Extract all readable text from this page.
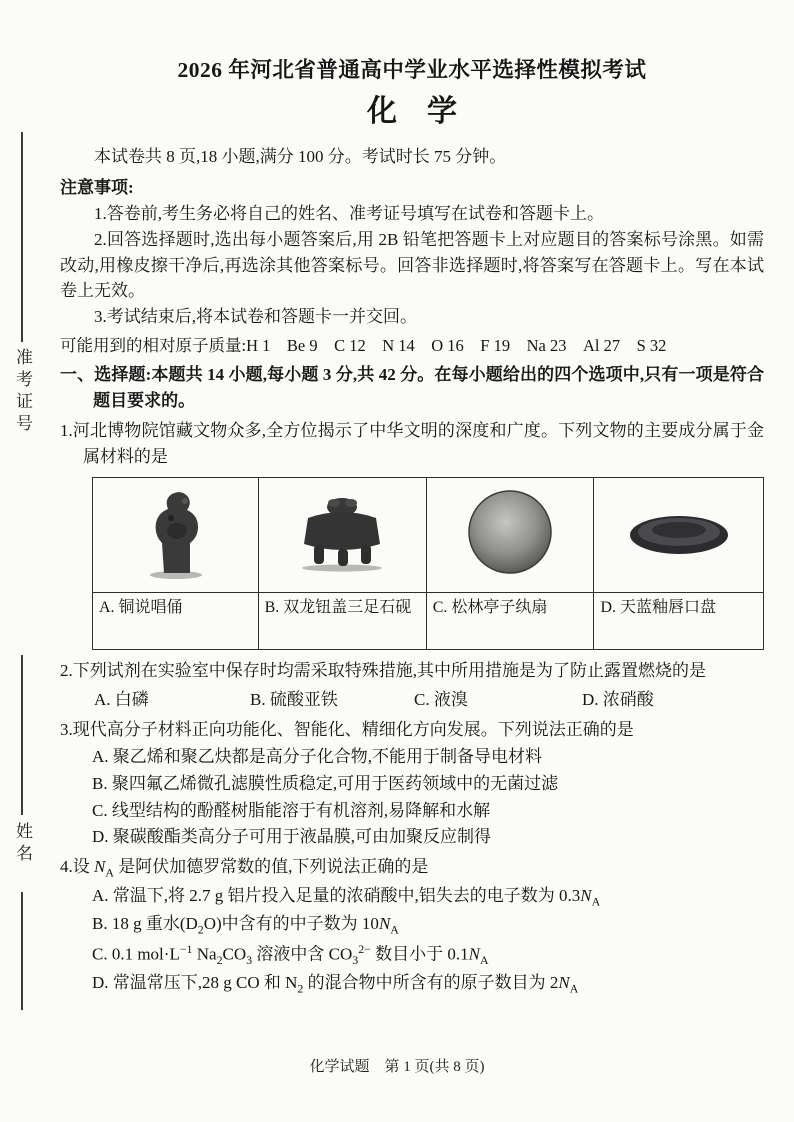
准考证号
姓名

2026 年河北省普通高中学业水平选择性模拟考试

化　学

本试卷共 8 页,18 小题,满分 100 分。考试时长 75 分钟。

注意事项:

1.答卷前,考生务必将自己的姓名、准考证号填写在试卷和答题卡上。

2.回答选择题时,选出每小题答案后,用 2B 铅笔把答题卡上对应题目的答案标号涂黑。如需改动,用橡皮擦干净后,再选涂其他答案标号。回答非选择题时,将答案写在答题卡上。写在本试卷上无效。

3.考试结束后,将本试卷和答题卡一并交回。

可能用到的相对原子质量:H 1　Be 9　C 12　N 14　O 16　F 19　Na 23　Al 27　S 32

一、选择题:本题共 14 小题,每小题 3 分,共 42 分。在每小题给出的四个选项中,只有一项是符合题目要求的。

1.河北博物院馆藏文物众多,全方位揭示了中华文明的深度和广度。下列文物的主要成分属于金属材料的是

A. 铜说唱俑	B. 双龙钮盖三足石砚	C. 松林亭子纨扇	D. 天蓝釉唇口盘

2.下列试剂在实验室中保存时均需采取特殊措施,其中所用措施是为了防止露置燃烧的是

A. 白磷	B. 硫酸亚铁	C. 液溴	D. 浓硝酸

3.现代高分子材料正向功能化、智能化、精细化方向发展。下列说法正确的是

A. 聚乙烯和聚乙炔都是高分子化合物,不能用于制备导电材料

B. 聚四氟乙烯微孔滤膜性质稳定,可用于医药领域中的无菌过滤

C. 线型结构的酚醛树脂能溶于有机溶剂,易降解和水解

D. 聚碳酸酯类高分子可用于液晶膜,可由加聚反应制得

4.设 $N_A$ 是阿伏加德罗常数的值,下列说法正确的是

A. 常温下,将 2.7 g 铝片投入足量的浓硝酸中,铝失去的电子数为 $0.3N_A$

B. 18 g 重水$(D_2O)$中含有的中子数为 $10N_A$

C. 0.1 $mol\cdot L^{-1}$ $Na_2CO_3$ 溶液中含 $CO_3^{2-}$ 数目小于 $0.1N_A$

D. 常温常压下,28 g CO 和 $N_2$ 的混合物中所含有的原子数目为 $2N_A$

化学试题　第 1 页(共 8 页)
